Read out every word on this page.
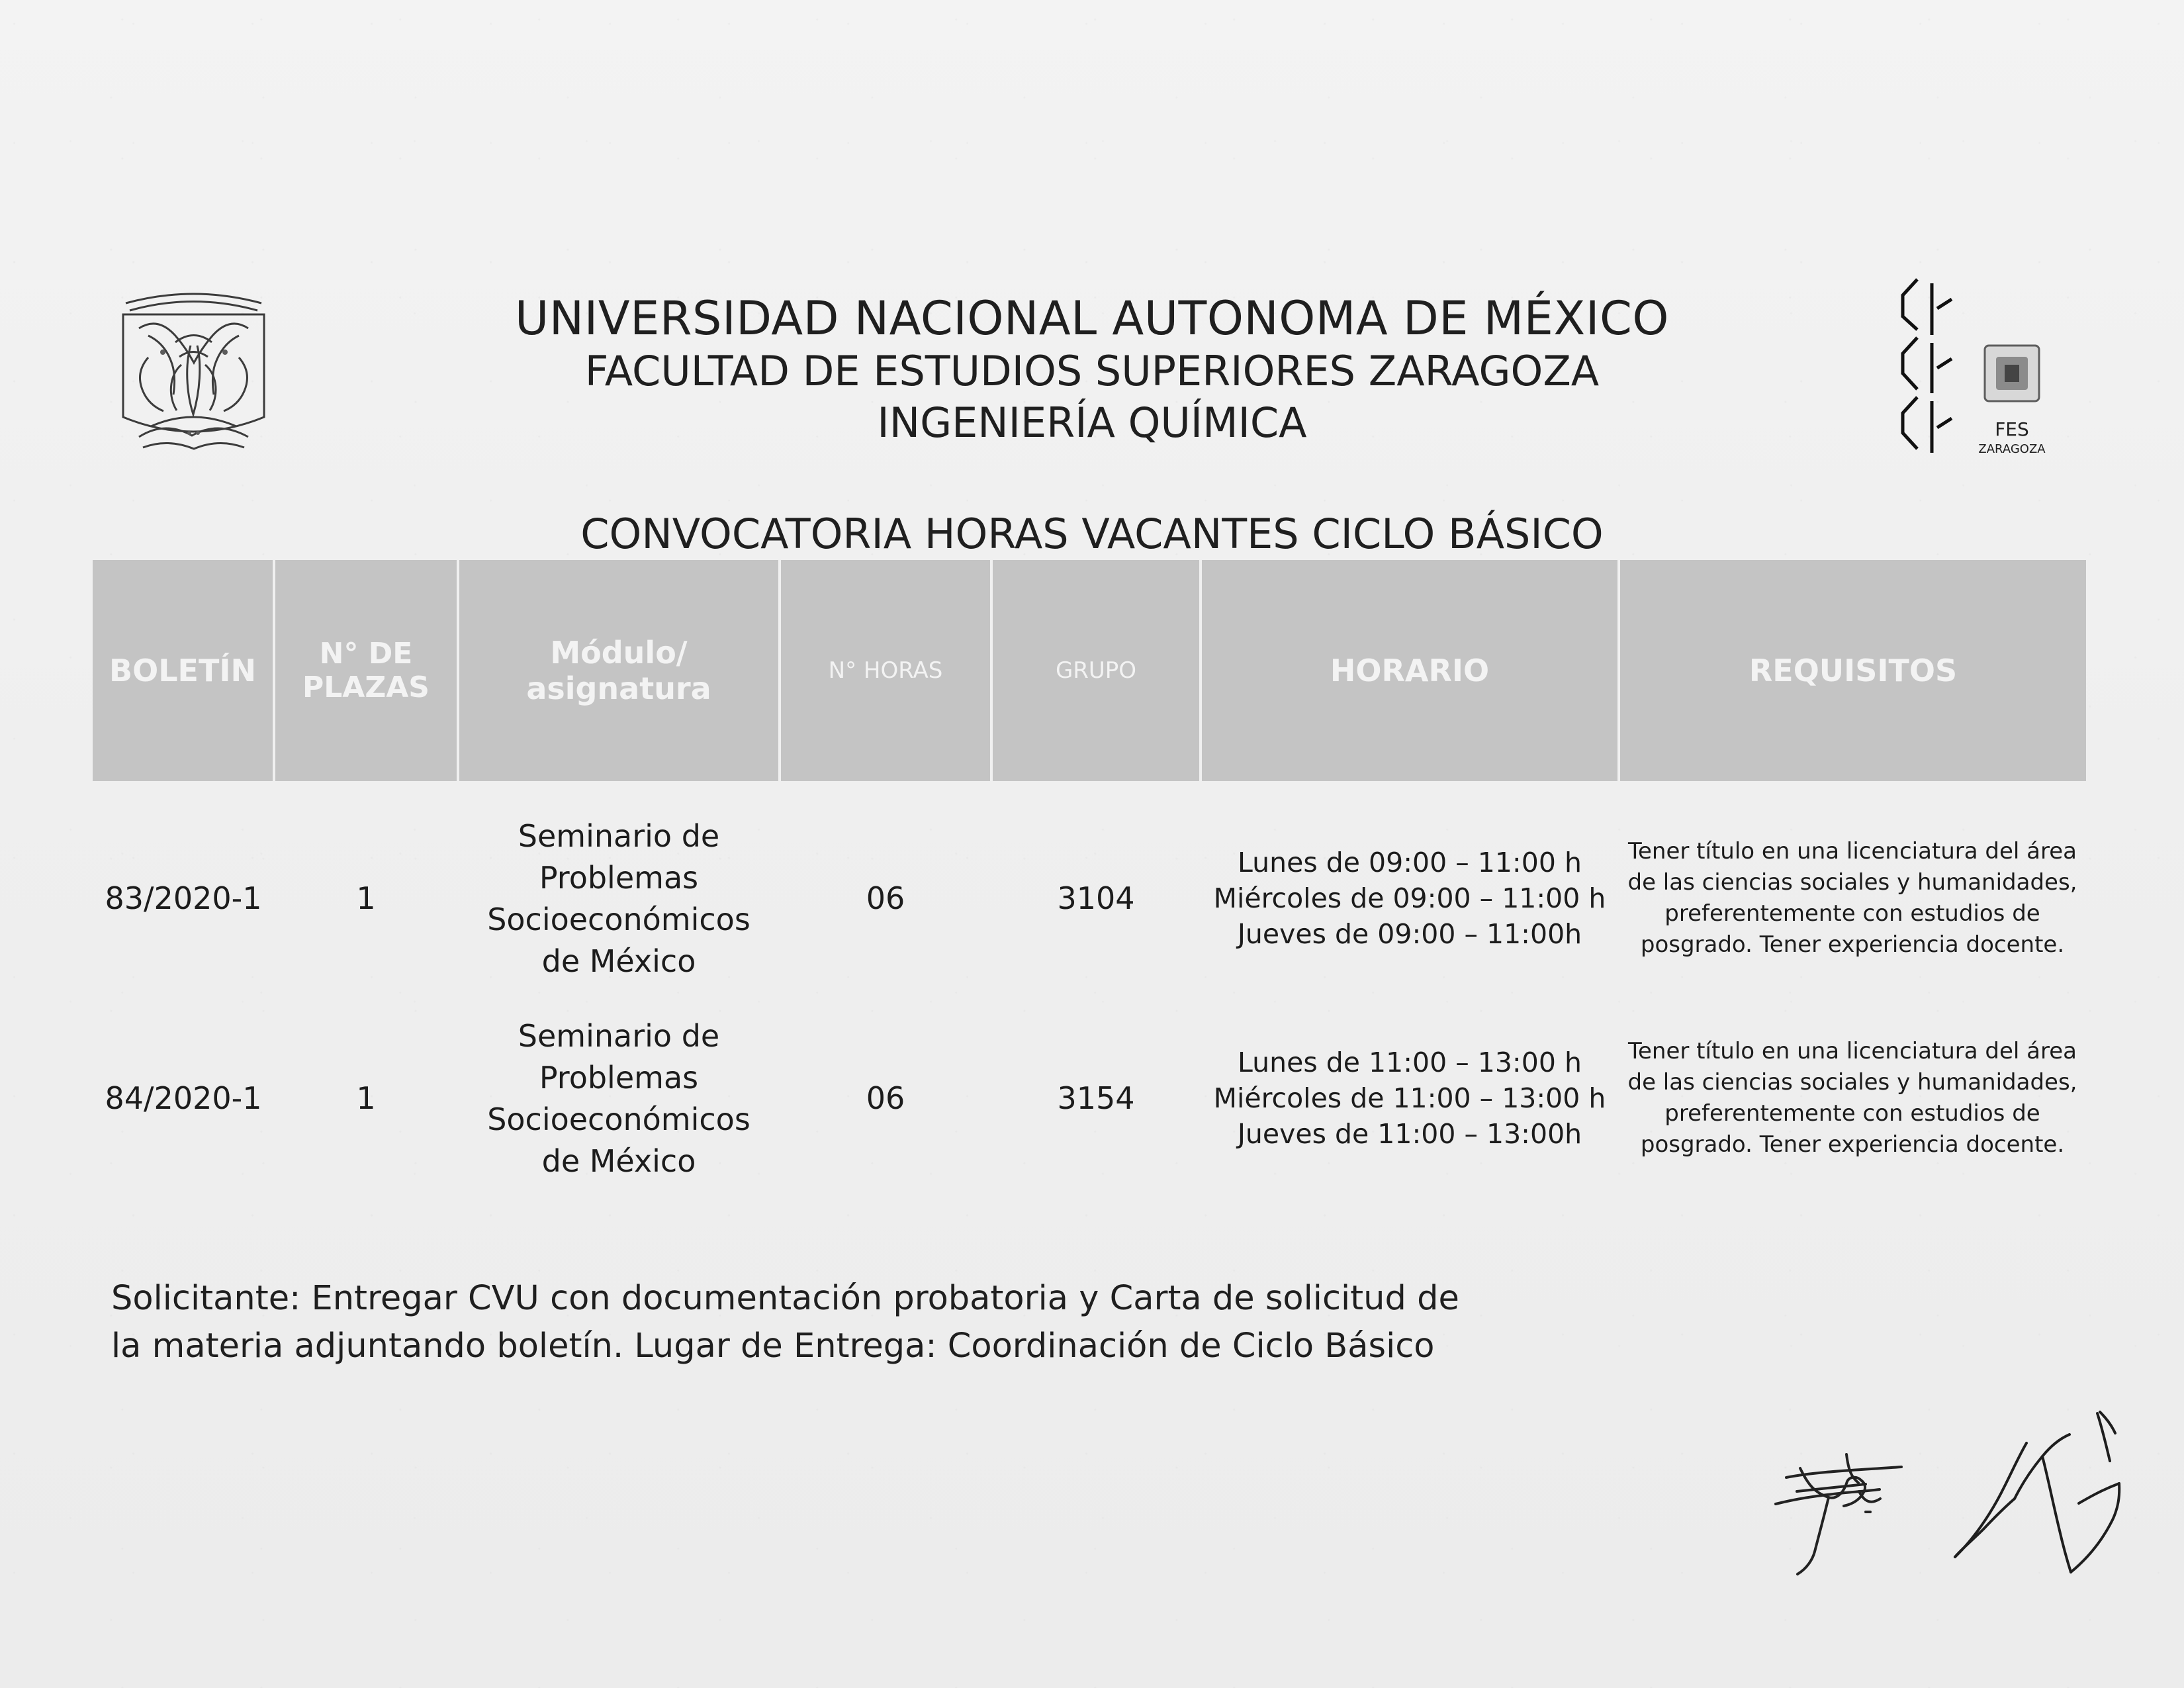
FES
ZARAGOZA
UNIVERSIDAD NACIONAL AUTONOMA DE MÉXICO
FACULTAD DE ESTUDIOS SUPERIORES ZARAGOZA
INGENIERÍA QUÍMICA
CONVOCATORIA HORAS VACANTES CICLO BÁSICO
BOLETÍN	N° DE PLAZAS	Módulo/ asignatura	N° HORAS	GRUPO	HORARIO	REQUISITOS

83/2020-1	1	Seminario de Problemas Socioeconómicos de México	06	3104	Lunes de 09:00 – 11:00 h
Miércoles de 09:00 – 11:00 h
Jueves de 09:00 – 11:00h	Tener título en una licenciatura del área de las ciencias sociales y humanidades, preferentemente con estudios de posgrado. Tener experiencia docente.
84/2020-1	1	Seminario de Problemas Socioeconómicos de México	06	3154	Lunes de 11:00 – 13:00 h
Miércoles de 11:00 – 13:00 h
Jueves de 11:00 – 13:00h	Tener título en una licenciatura del área de las ciencias sociales y humanidades, preferentemente con estudios de posgrado. Tener experiencia docente.
Solicitante: Entregar CVU con documentación probatoria y Carta de solicitud de la materia adjuntando boletín. Lugar de Entrega: Coordinación de Ciclo Básico
